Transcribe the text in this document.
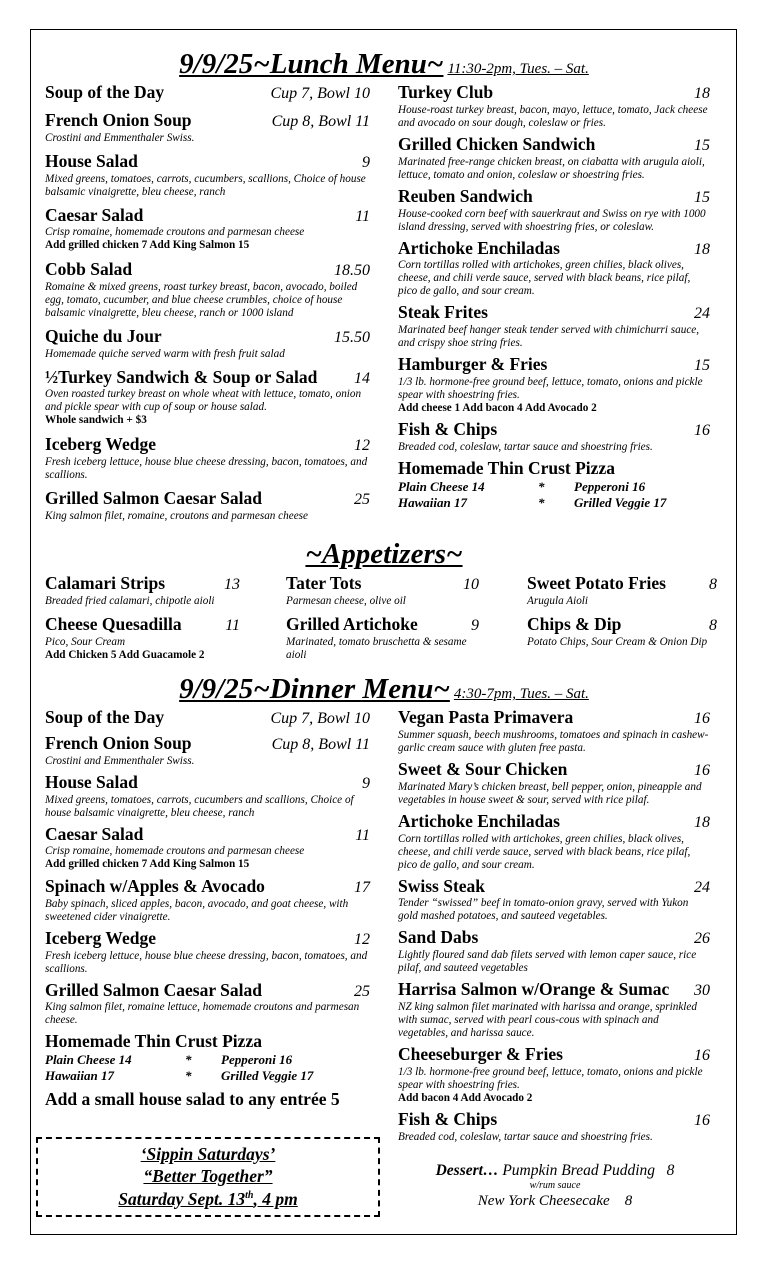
9/9/25~Lunch Menu~ 11:30-2pm, Tues. – Sat.
Soup of the Day	Cup 7, Bowl 10
French Onion Soup	Cup 8, Bowl 11
Crostini and Emmenthaler Swiss.
House Salad	9
Mixed greens, tomatoes, carrots, cucumbers, scallions, Choice of house balsamic vinaigrette, bleu cheese, ranch
Caesar Salad	11
Crisp romaine, homemade croutons and parmesan cheese
Add grilled chicken 7 Add King Salmon 15
Cobb Salad	18.50
Romaine & mixed greens, roast turkey breast, bacon, avocado, boiled egg, tomato, cucumber, and blue cheese crumbles, choice of house balsamic vinaigrette, bleu cheese, ranch or 1000 island
Quiche du Jour	15.50
Homemade quiche served warm with fresh fruit salad
½Turkey Sandwich & Soup or Salad 14
Oven roasted turkey breast on whole wheat with lettuce, tomato, onion and pickle spear with cup of soup or house salad.
Whole sandwich + $3
Iceberg Wedge	12
Fresh iceberg lettuce, house blue cheese dressing, bacon, tomatoes, and scallions.
Grilled Salmon Caesar Salad	25
King salmon filet, romaine, croutons and parmesan cheese
Turkey Club	18
House-roast turkey breast, bacon, mayo, lettuce, tomato, Jack cheese and avocado on sour dough, coleslaw or fries.
Grilled Chicken Sandwich	15
Marinated free-range chicken breast, on ciabatta with arugula aioli, lettuce, tomato and onion, coleslaw or shoestring fries.
Reuben Sandwich	15
House-cooked corn beef with sauerkraut and Swiss on rye with 1000 island dressing, served with shoestring fries, or coleslaw.
Artichoke Enchiladas	18
Corn tortillas rolled with artichokes, green chilies, black olives, cheese, and chili verde sauce, served with black beans, rice pilaf, pico de gallo, and sour cream.
Steak Frites	24
Marinated beef hanger steak tender served with chimichurri sauce, and crispy shoe string fries.
Hamburger & Fries	15
1/3 lb. hormone-free ground beef, lettuce, tomato, onions and pickle spear with shoestring fries.
Add cheese 1 Add bacon 4 Add Avocado 2
Fish & Chips	16
Breaded cod, coleslaw, tartar sauce and shoestring fries.
Homemade Thin Crust Pizza
Plain Cheese 14	*	Pepperoni 16
Hawaiian 17	*	Grilled Veggie 17
~Appetizers~
Calamari Strips	13
Breaded fried calamari, chipotle aioli
Cheese Quesadilla	11
Pico, Sour Cream
Add Chicken 5 Add Guacamole 2
Tater Tots	10
Parmesan cheese, olive oil
Grilled Artichoke	9
Marinated, tomato bruschetta & sesame aioli
Sweet Potato Fries	8
Arugula Aioli
Chips & Dip	8
Potato Chips, Sour Cream & Onion Dip
9/9/25~Dinner Menu~ 4:30-7pm, Tues. – Sat.
Soup of the Day	Cup 7, Bowl 10
French Onion Soup	Cup 8, Bowl 11
Crostini and Emmenthaler Swiss.
House Salad	9
Mixed greens, tomatoes, carrots, cucumbers and scallions, Choice of house balsamic vinaigrette, bleu cheese, ranch
Caesar Salad	11
Crisp romaine, homemade croutons and parmesan cheese
Add grilled chicken 7 Add King Salmon 15
Spinach w/Apples & Avocado	17
Baby spinach, sliced apples, bacon, avocado, and goat cheese, with sweetened cider vinaigrette.
Iceberg Wedge	12
Fresh iceberg lettuce, house blue cheese dressing, bacon, tomatoes, and scallions.
Grilled Salmon Caesar Salad	25
King salmon filet, romaine lettuce, homemade croutons and parmesan cheese.
Homemade Thin Crust Pizza
Plain Cheese 14	*	Pepperoni 16
Hawaiian 17	*	Grilled Veggie 17
Add a small house salad to any entrée 5
Vegan Pasta Primavera	16
Summer squash, beech mushrooms, tomatoes and spinach in cashew-garlic cream sauce with gluten free pasta.
Sweet & Sour Chicken	16
Marinated Mary’s chicken breast, bell pepper, onion, pineapple and vegetables in house sweet & sour, served with rice pilaf.
Artichoke Enchiladas	18
Corn tortillas rolled with artichokes, green chilies, black olives, cheese, and chili verde sauce, served with black beans, rice pilaf, pico de gallo, and sour cream.
Swiss Steak	24
Tender “swissed” beef in tomato-onion gravy, served with Yukon gold mashed potatoes, and sauteed vegetables.
Sand Dabs	26
Lightly floured sand dab filets served with lemon caper sauce, rice pilaf, and sauteed vegetables
Harrisa Salmon w/Orange & Sumac 30
NZ king salmon filet marinated with harissa and orange, sprinkled with sumac, served with pearl cous-cous with spinach and vegetables, and harissa sauce.
Cheeseburger & Fries	16
1/3 lb. hormone-free ground beef, lettuce, tomato, onions and pickle spear with shoestring fries.
Add bacon 4 Add Avocado 2
Fish & Chips	16
Breaded cod, coleslaw, tartar sauce and shoestring fries.
‘Sippin Saturdays’
“Better Together”
Saturday Sept. 13th, 4 pm
Dessert… Pumpkin Bread Pudding 8
w/rum sauce
New York Cheesecake 8
